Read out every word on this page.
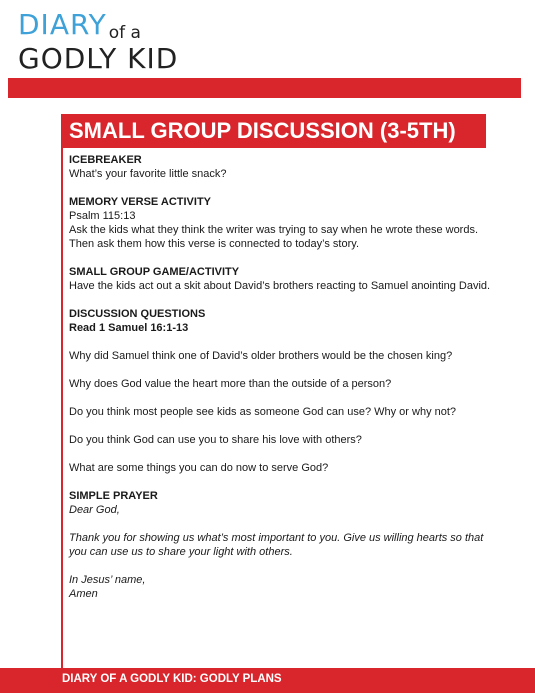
DIARY of a
GODLY KID
SMALL GROUP DISCUSSION (3-5TH)
ICEBREAKER

What’s your favorite little snack?

MEMORY VERSE ACTIVITY

Psalm 115:13

Ask the kids what they think the writer was trying to say when he wrote these words.

Then ask them how this verse is connected to today’s story.

SMALL GROUP GAME/ACTIVITY

Have the kids act out a skit about David’s brothers reacting to Samuel anointing David.

DISCUSSION QUESTIONS
Read 1 Samuel 16:1-13

Why did Samuel think one of David’s older brothers would be the chosen king?

Why does God value the heart more than the outside of a person?

Do you think most people see kids as someone God can use? Why or why not?

Do you think God can use you to share his love with others?

What are some things you can do now to serve God?

SIMPLE PRAYER

Dear God,

Thank you for showing us what’s most important to you. Give us willing hearts so that

you can use us to share your light with others.

In Jesus’ name,

Amen

DIARY OF A GODLY KID: GODLY PLANS
